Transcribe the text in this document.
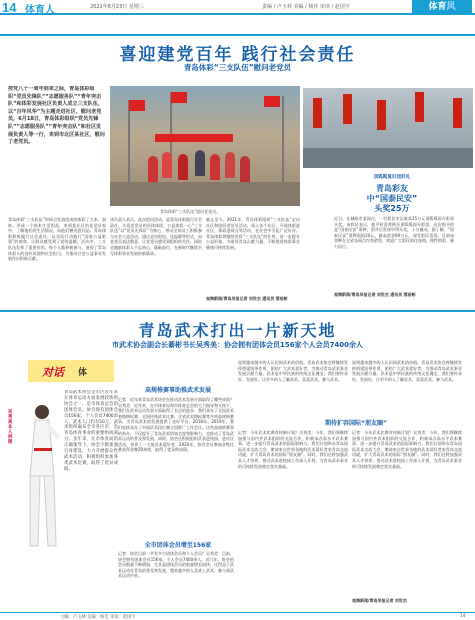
14 体育人	2021年6月23日 星期三	责编 / 卢玉林 美编 / 杨佳 审读 / 赵国宇	体育风
喜迎建党百年 践行社会责任
青岛体彩“三支队伍”慰问老党员
按党八十一周年到来之际，青岛体彩组织“党员先锋队”“志愿服务队”“青年突击队”和体彩发展社区负责人成立三支队伍，以“百年风华”为主题走进社区、慰问老党员，6月18日，青岛体彩组织“党员先锋队”“志愿服务队”“青年突击队”和社区发展负责人等一行，来到市北区某社区，慰问了老党员。
青岛体彩“三支队伍”慰问老党员。
青岛体彩“三支队伍”和网点发放组成的体彩了大本、加转、形成一个基本生活用品，来到某社区的老党员家中，了解他们的生活情况，向他们赠送慰问品。青岛体彩积极履行社会责任，以实际行动践行“国家公益彩票”的使命，让群众感受到了党的温暖。活动中，三支队伍发挥了重要作用，每个人都积极参与，展现了青岛体彩人的良好风貌和社会担当，为推动社会公益事业发展作出积极贡献。
该负责人表示，此次慰问活动，是青岛体彩践行社会责任、关爱老党员的具体体现。公益体彩一心“三支队伍”以“党员先锋队”为核心，带动全体员工积极参与社会公益活动，通过走访慰问、送温暖等形式，向老党员表达敬意，让老党员感受到组织的关怀，同时也激励体彩人不忘初心、砥砺前行，在新时代继续书写体彩事业发展的新篇章。
截止至今，2021年，青岛体彩组织“三支队伍”走访社区和慰问老党员活动，深入各个社区，开展体彩进社区、体彩进网点等活动，在社会中引起广泛好评。青岛体彩将继续发挥“三支队伍”的作用，进一步提升公益形象，为建设青岛贡献力量，不断推进体彩事业健康可持续发展。
观海新闻/青岛早报记者 刘世杰 通讯员 蔡裕彬
顶呱呱复归送好礼
青岛彩友
中“国泰民安”
头奖25万
近日，在城阳市某网点，一位彩民幸运收获25万元顶呱呱即开彩票头奖。该彩民表示，他平时喜欢购买顶呱呱即开彩票，这次购买的是“国泰民安”票种，刮开后发现中得头奖，十分激动。据了解，“国泰民安”票种面值20元，最高奖金80万元，深受彩民喜爱。目前该票种在全省各网点均有销售，欢迎广大彩民前往选购，理性购彩，量力而行。
观海新闻/青岛早报记者 刘世杰 通讯员 蔡裕彬
青岛武术打出一片新天地
市武术协会副会长綦彬书长吴秀美：协会拥有团体会员156家个人会员7400余人
对话 体
吴秀美
本人供图
青岛武术协会是市区近年来在体育运动方面发展较快的协会之一，是市体育总会的团体会员。协会现有团体会员156家，个人会员7400余人，武术人口约有50万，武术组织遍布全市各区市，是青岛体育事业的重要组成部分。多年来，在市体育局的正确领导下，协会不断加强自身建设，大力开展群众性武术活动，积极组织参加各类武术比赛，取得了优异成绩。
高规格赛事助推武术发展
记者：近年来青岛武术协会在推动武术发展方面取得了哪些成绩？吴秀美：近年来，在市体育局和市体育总会的大力指导和支持下，我们在武术运动发展方面取得了长足的进步。我们承办了全国武术套路锦标赛、全国传统武术比赛、全省武术锦标赛等多项高规格赛事，为青岛武术的发展提供了良好平台。2018年、2019年，我们连续承办了中国武术段位制全国推广工作会议。这些高规格赛事的举办，不仅提升了青岛武术的知名度和影响力，也推动了青岛武术运动的普及和发展。同时，协会还积极组织武术进校园、进社区活动，培养了一大批武术爱好者。2020年，协会会员参加各级比赛获得金牌20余枚，取得了优异的成绩。
全市团体会员增至156家
记者：协会目前一共有多少团体会员和个人会员？吴秀美：目前，协会拥有团体会员156家，个人会员7400余人。近几年，协会的会员数量不断增加，尤其是团体会员的数量增长较快。这得益于武术运动在青岛的普及和发展，越来越多的人喜欢上武术，参与到武术运动中来。
说明越来越多的人认识到武术的价值。青岛武术协会将继续发挥桥梁纽带作用，团结广大武术爱好者，为推动青岛武术事业发展贡献力量。武术是中华民族的传统文化瑰宝，我们要传承好、发展好，让更多的人了解武术、喜爱武术、参与武术。
说明越来越多的人认识到武术的价值。青岛武术协会将继续发挥桥梁纽带作用，团结广大武术爱好者，为推动青岛武术事业发展贡献力量。武术是中华民族的传统文化瑰宝，我们要传承好、发展好，让更多的人了解武术、喜爱武术、参与武术。
期待扩容国际“朋友圈”
记者：今年武术比赛有何新计划？吴秀美：今年，我们将继续加强与国内外武术组织的交流合作，积极承办高水平武术赛事，进一步提升青岛武术的国际影响力。我们计划举办青岛国际武术交流大会，邀请来自世界各地的武术爱好者来青岛交流切磋，扩大青岛武术的国际“朋友圈”。同时，我们还将加强武术人才培养，推动武术进校园工作深入开展，为青岛武术事业的可持续发展奠定坚实基础。
记者：今年武术比赛有何新计划？吴秀美：今年，我们将继续加强与国内外武术组织的交流合作，积极承办高水平武术赛事，进一步提升青岛武术的国际影响力。我们计划举办青岛国际武术交流大会，邀请来自世界各地的武术爱好者来青岛交流切磋，扩大青岛武术的国际“朋友圈”。同时，我们还将加强武术人才培养，推动武术进校园工作深入开展，为青岛武术事业的可持续发展奠定坚实基础。
观海新闻/青岛早报记者 刘世杰
主编：卢玉林 美编：杨佳 审读：赵国宇	14
